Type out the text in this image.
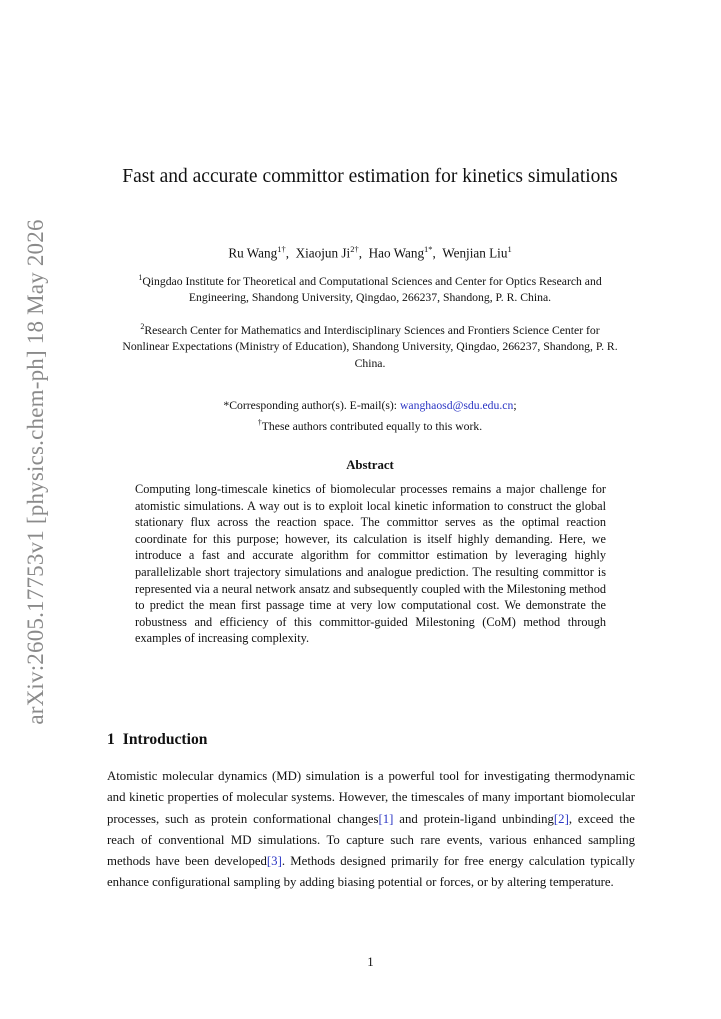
arXiv:2605.17753v1 [physics.chem-ph] 18 May 2026
Fast and accurate committor estimation for kinetics simulations
Ru Wang$^{1\dagger}$,  Xiaojun $Ji^{2\dagger}$,  Hao Wang$^{1*}$,  Wenjian Liu$^1$
$^1$Qingdao Institute for Theoretical and Computational Sciences and Center for Optics Research and Engineering, Shandong University, Qingdao, 266237, Shandong, P. R. China.
$^2$Research Center for Mathematics and Interdisciplinary Sciences and Frontiers Science Center for Nonlinear Expectations (Ministry of Education), Shandong University, Qingdao, 266237, Shandong, P. R. China.
*Corresponding author(s). E-mail(s): wanghaosd@sdu.edu.cn;
†These authors contributed equally to this work.
Abstract
Computing long-timescale kinetics of biomolecular processes remains a major challenge for atomistic simulations. A way out is to exploit local kinetic information to construct the global stationary flux across the reaction space. The committor serves as the optimal reaction coordinate for this purpose; however, its calculation is itself highly demanding. Here, we introduce a fast and accurate algorithm for committor estimation by leveraging highly parallelizable short trajectory simulations and analogue prediction. The resulting committor is represented via a neural network ansatz and subsequently coupled with the Milestoning method to predict the mean first passage time at very low computational cost. We demonstrate the robustness and efficiency of this committor-guided Milestoning (CoM) method through examples of increasing complexity.
1 Introduction
Atomistic molecular dynamics (MD) simulation is a powerful tool for investigating thermodynamic and kinetic properties of molecular systems. However, the timescales of many important biomolecular processes, such as protein conformational changes[1] and protein-ligand unbinding[2], exceed the reach of conventional MD simulations. To capture such rare events, various enhanced sampling methods have been developed[3]. Methods designed primarily for free energy calculation typically enhance configurational sampling by adding biasing potential or forces, or by altering temperature.
1
